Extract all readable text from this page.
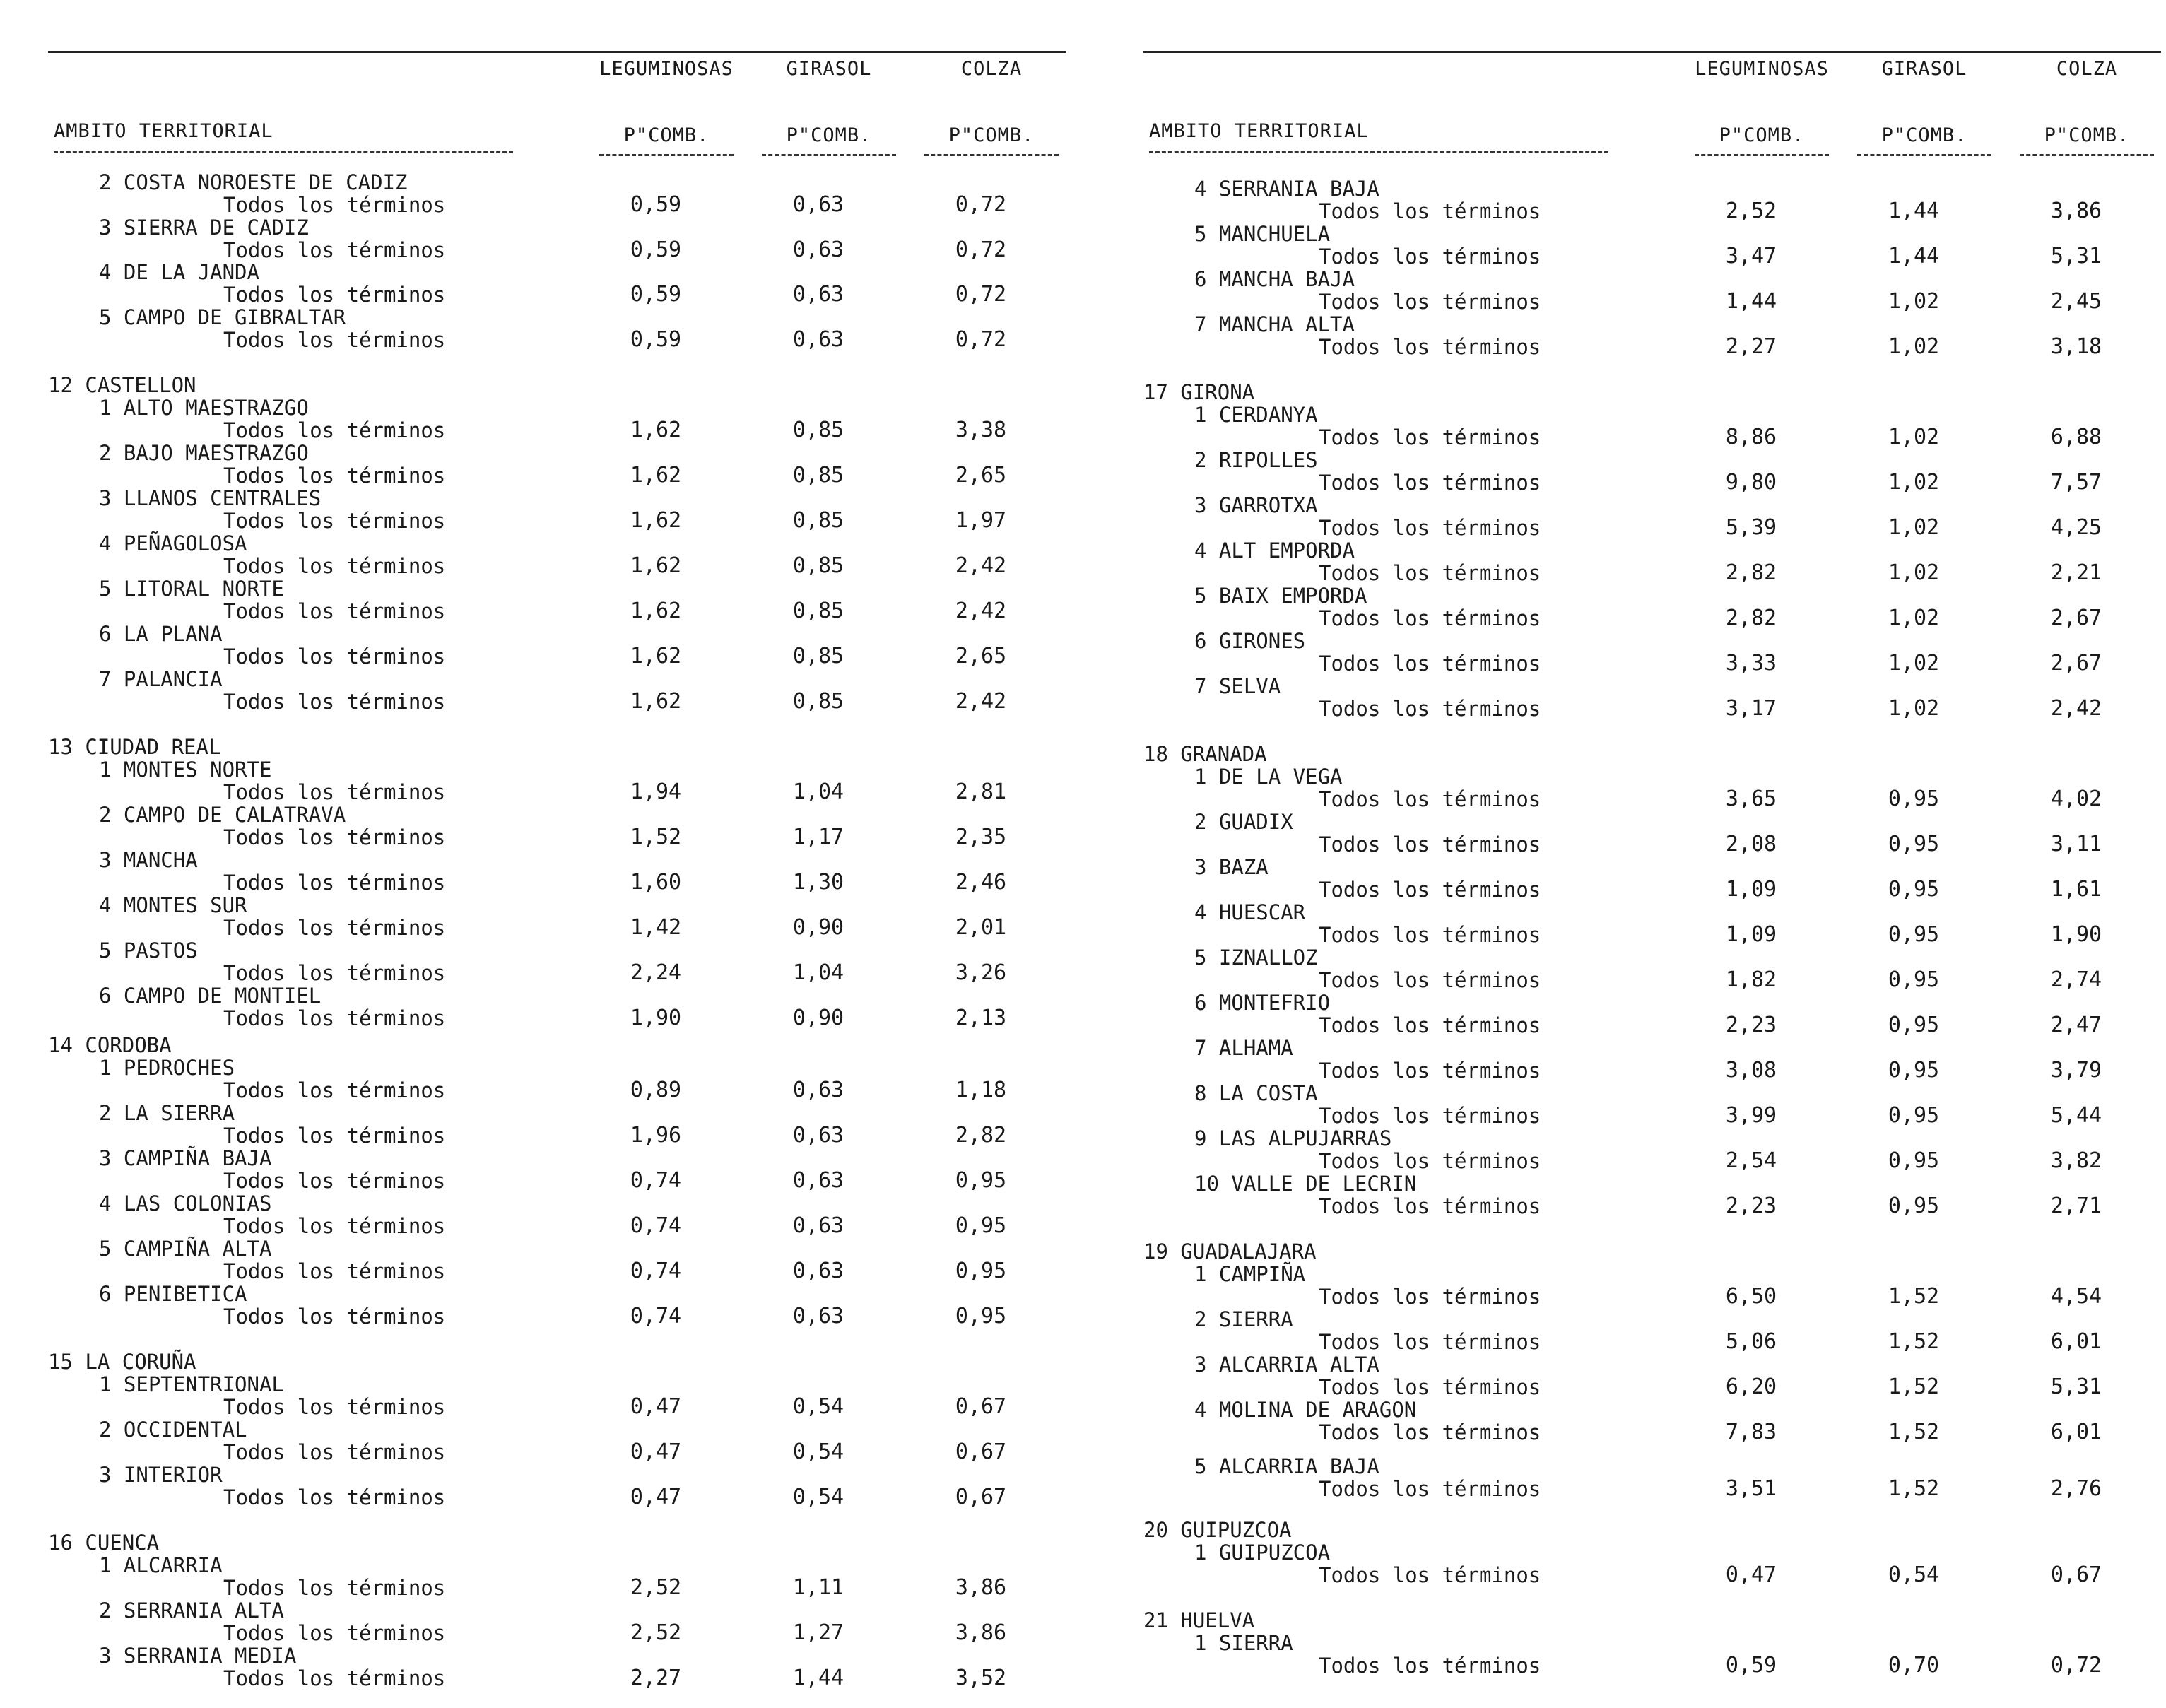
LEGUMINOSAS	GIRASOL	COLZA
AMBITO TERRITORIAL	P"COMB.	P"COMB.	P"COMB.
2 COSTA NOROESTE DE CADIZ
Todos los términos	0,59	0,63	0,72
3 SIERRA DE CADIZ
Todos los términos	0,59	0,63	0,72
4 DE LA JANDA
Todos los términos	0,59	0,63	0,72
5 CAMPO DE GIBRALTAR
Todos los términos	0,59	0,63	0,72
12 CASTELLON
1 ALTO MAESTRAZGO
Todos los términos	1,62	0,85	3,38
2 BAJO MAESTRAZGO
Todos los términos	1,62	0,85	2,65
3 LLANOS CENTRALES
Todos los términos	1,62	0,85	1,97
4 PEÑAGOLOSA
Todos los términos	1,62	0,85	2,42
5 LITORAL NORTE
Todos los términos	1,62	0,85	2,42
6 LA PLANA
Todos los términos	1,62	0,85	2,65
7 PALANCIA
Todos los términos	1,62	0,85	2,42
13 CIUDAD REAL
1 MONTES NORTE
Todos los términos	1,94	1,04	2,81
2 CAMPO DE CALATRAVA
Todos los términos	1,52	1,17	2,35
3 MANCHA
Todos los términos	1,60	1,30	2,46
4 MONTES SUR
Todos los términos	1,42	0,90	2,01
5 PASTOS
Todos los términos	2,24	1,04	3,26
6 CAMPO DE MONTIEL
Todos los términos	1,90	0,90	2,13
14 CORDOBA
1 PEDROCHES
Todos los términos	0,89	0,63	1,18
2 LA SIERRA
Todos los términos	1,96	0,63	2,82
3 CAMPIÑA BAJA
Todos los términos	0,74	0,63	0,95
4 LAS COLONIAS
Todos los términos	0,74	0,63	0,95
5 CAMPIÑA ALTA
Todos los términos	0,74	0,63	0,95
6 PENIBETICA
Todos los términos	0,74	0,63	0,95
15 LA CORUÑA
1 SEPTENTRIONAL
Todos los términos	0,47	0,54	0,67
2 OCCIDENTAL
Todos los términos	0,47	0,54	0,67
3 INTERIOR
Todos los términos	0,47	0,54	0,67
16 CUENCA
1 ALCARRIA
Todos los términos	2,52	1,11	3,86
2 SERRANIA ALTA
Todos los términos	2,52	1,27	3,86
3 SERRANIA MEDIA
Todos los términos	2,27	1,44	3,52
LEGUMINOSAS	GIRASOL	COLZA
AMBITO TERRITORIAL	P"COMB.	P"COMB.	P"COMB.
4 SERRANIA BAJA
Todos los términos	2,52	1,44	3,86
5 MANCHUELA
Todos los términos	3,47	1,44	5,31
6 MANCHA BAJA
Todos los términos	1,44	1,02	2,45
7 MANCHA ALTA
Todos los términos	2,27	1,02	3,18
17 GIRONA
1 CERDANYA
Todos los términos	8,86	1,02	6,88
2 RIPOLLES
Todos los términos	9,80	1,02	7,57
3 GARROTXA
Todos los términos	5,39	1,02	4,25
4 ALT EMPORDA
Todos los términos	2,82	1,02	2,21
5 BAIX EMPORDA
Todos los términos	2,82	1,02	2,67
6 GIRONES
Todos los términos	3,33	1,02	2,67
7 SELVA
Todos los términos	3,17	1,02	2,42
18 GRANADA
1 DE LA VEGA
Todos los términos	3,65	0,95	4,02
2 GUADIX
Todos los términos	2,08	0,95	3,11
3 BAZA
Todos los términos	1,09	0,95	1,61
4 HUESCAR
Todos los términos	1,09	0,95	1,90
5 IZNALLOZ
Todos los términos	1,82	0,95	2,74
6 MONTEFRIO
Todos los términos	2,23	0,95	2,47
7 ALHAMA
Todos los términos	3,08	0,95	3,79
8 LA COSTA
Todos los términos	3,99	0,95	5,44
9 LAS ALPUJARRAS
Todos los términos	2,54	0,95	3,82
10 VALLE DE LECRIN
Todos los términos	2,23	0,95	2,71
19 GUADALAJARA
1 CAMPIÑA
Todos los términos	6,50	1,52	4,54
2 SIERRA
Todos los términos	5,06	1,52	6,01
3 ALCARRIA ALTA
Todos los términos	6,20	1,52	5,31
4 MOLINA DE ARAGON
Todos los términos	7,83	1,52	6,01
5 ALCARRIA BAJA
Todos los términos	3,51	1,52	2,76
20 GUIPUZCOA
1 GUIPUZCOA
Todos los términos	0,47	0,54	0,67
21 HUELVA
1 SIERRA
Todos los términos	0,59	0,70	0,72
